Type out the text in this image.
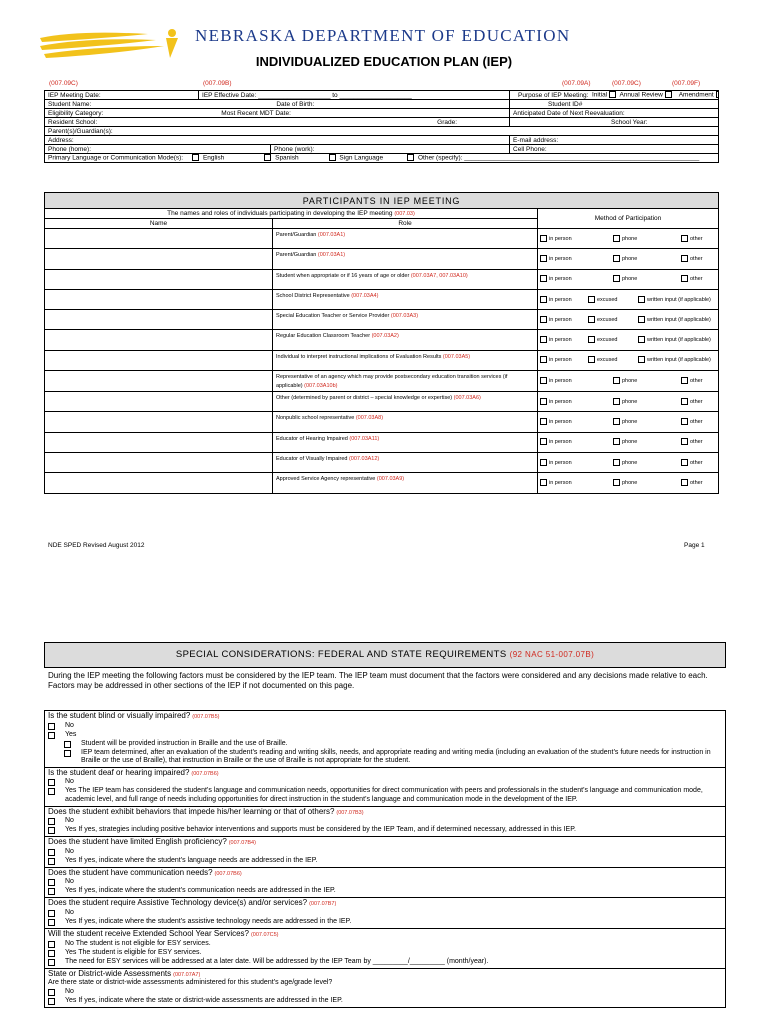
NEBRASKA DEPARTMENT OF EDUCATION
INDIVIDUALIZED EDUCATION PLAN (IEP)
(007.09C)	(007.09B)	(007.09A)	(007.09C)	(007.09F)
IEP Meeting Date:	IEP Effective Date: ____________________ to ____________________		Purpose of IEP Meeting: Initial Annual Review Amendment
Student Name: Date of Birth:			Student ID#
Eligibility Category: Most Recent MDT Date:			Anticipated Date of Next Reevaluation:
Resident School: Grade:			School Year:
Parent(s)/Guardian(s):			
Address:			E-mail address:
Phone (home):		Phone (work):	Cell Phone:
Primary Language or Communication Mode(s): English Spanish Sign Language Other (specify): _________________________________________________________________			
PARTICIPANTS IN IEP MEETING		
The names and roles of individuals participating in developing the IEP meeting (007.03)		Method of Participation
Name	Role	
	Parent/Guardian (007.03A1)	in person phone other

	Parent/Guardian (007.03A1)	in person phone other

	Student when appropriate or if 16 years of age or older (007.03A7, 007.03A10)	in person phone other

	School District Representative (007.03A4)	in person excused written input (if applicable)

	Special Education Teacher or Service Provider (007.03A3)	in person excused written input (if applicable)

	Regular Education Classroom Teacher (007.03A2)	in person excused written input (if applicable)

	Individual to interpret instructional implications of Evaluation Results (007.03A5)	in person excused written input (if applicable)

	Representative of an agency which may provide postsecondary education transition services (if applicable) (007.03A10b)	in person phone other

	Other (determined by parent or district – special knowledge or expertise) (007.03A6)	in person phone other

	Nonpublic school representative (007.03A8)	in person phone other

	Educator of Hearing Impaired (007.03A11)	in person phone other

	Educator of Visually Impaired (007.03A12)	in person phone other

	Approved Service Agency representative (007.03A9)	in person phone other
NDE SPED Revised August 2012	Page 1
SPECIAL CONSIDERATIONS: FEDERAL AND STATE REQUIREMENTS (92 NAC 51-007.07B)
During the IEP meeting the following factors must be considered by the IEP team. The IEP team must document that the factors were considered and any decisions made relative to each. Factors may be addressed in other sections of the IEP if not documented on this page.
Is the student blind or visually impaired? (007.07B5)
No
Yes
Student will be provided instruction in Braille and the use of Braille.
IEP team determined, after an evaluation of the student’s reading and writing skills, needs, and appropriate reading and writing media (including an evaluation of the student’s future needs for instruction in Braille or the use of Braille), that instruction in Braille or the use of Braille is not appropriate for the student.
Is the student deaf or hearing impaired? (007.07B6)
No
Yes The IEP team has considered the student’s language and communication needs, opportunities for direct communication with peers and professionals in the student’s language and communication mode, academic level, and full range of needs including opportunities for direct instruction in the student’s language and communication mode in the development of the IEP.
Does the student exhibit behaviors that impede his/her learning or that of others? (007.07B3)
No
Yes If yes, strategies including positive behavior interventions and supports must be considered by the IEP Team, and if determined necessary, addressed in this IEP.
Does the student have limited English proficiency? (007.07B4)
No
Yes If yes, indicate where the student’s language needs are addressed in the IEP.
Does the student have communication needs? (007.07B6)
No
Yes If yes, indicate where the student’s communication needs are addressed in the IEP.
Does the student require Assistive Technology device(s) and/or services? (007.07B7)
No
Yes If yes, indicate where the student’s assistive technology needs are addressed in the IEP.
Will the student receive Extended School Year Services? (007.07C5)
No The student is not eligible for ESY services.
Yes The student is eligible for ESY services.
The need for ESY services will be addressed at a later date. Will be addressed by the IEP Team by _________/_________ (month/year).
State or District-wide Assessments (007.07A7)
Are there state or district-wide assessments administered for this student’s age/grade level?
No
Yes If yes, indicate where the state or district-wide assessments are addressed in the IEP.
